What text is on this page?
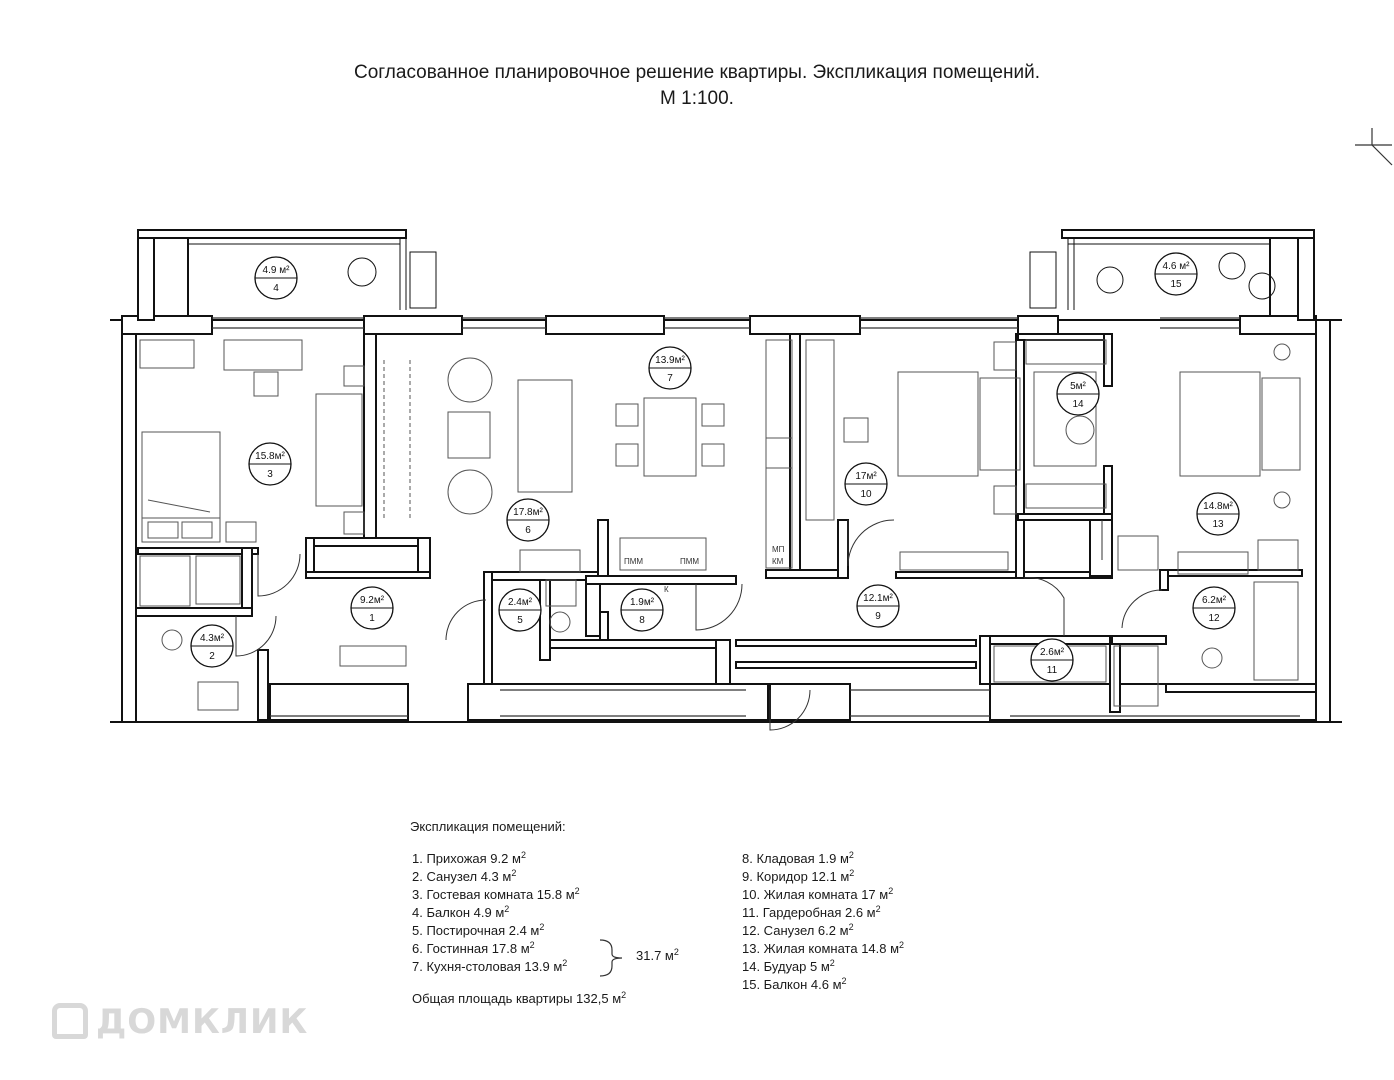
Согласованное планировочное решение квартиры. Экспликация помещений.
М 1:100.
9.2м²
1
4.3м²
2
15.8м²
3
4.9 м²
4
2.4м²
5
17.8м²
6
13.9м²
7
1.9м²
8
12.1м²
9
17м²
10
2.6м²
11
6.2м²
12
14.8м²
13
5м²
14
4.6 м²
15
ПММ	ПММ
МП
КМ
К
Экспликация помещений:
1. Прихожая 9.2 $м^2$
2. Санузел 4.3 $м^2$
3. Гостевая комната 15.8 $м^2$
4. Балкон 4.9 $м^2$
5. Постирочная 2.4 $м^2$
6. Гостинная 17.8 $м^2$
7. Кухня-столовая 13.9 $м^2$
8. Кладовая 1.9 $м^2$
9. Коридор 12.1 $м^2$
10. Жилая комната 17 $м^2$
11. Гардеробная 2.6 $м^2$
12. Санузел 6.2 $м^2$
13. Жилая комната 14.8 $м^2$
14. Будуар 5 $м^2$
15. Балкон 4.6 $м^2$
31.7 $м^2$
Общая площадь квартиры 132,5 $м^2$
ДОМКЛИК
